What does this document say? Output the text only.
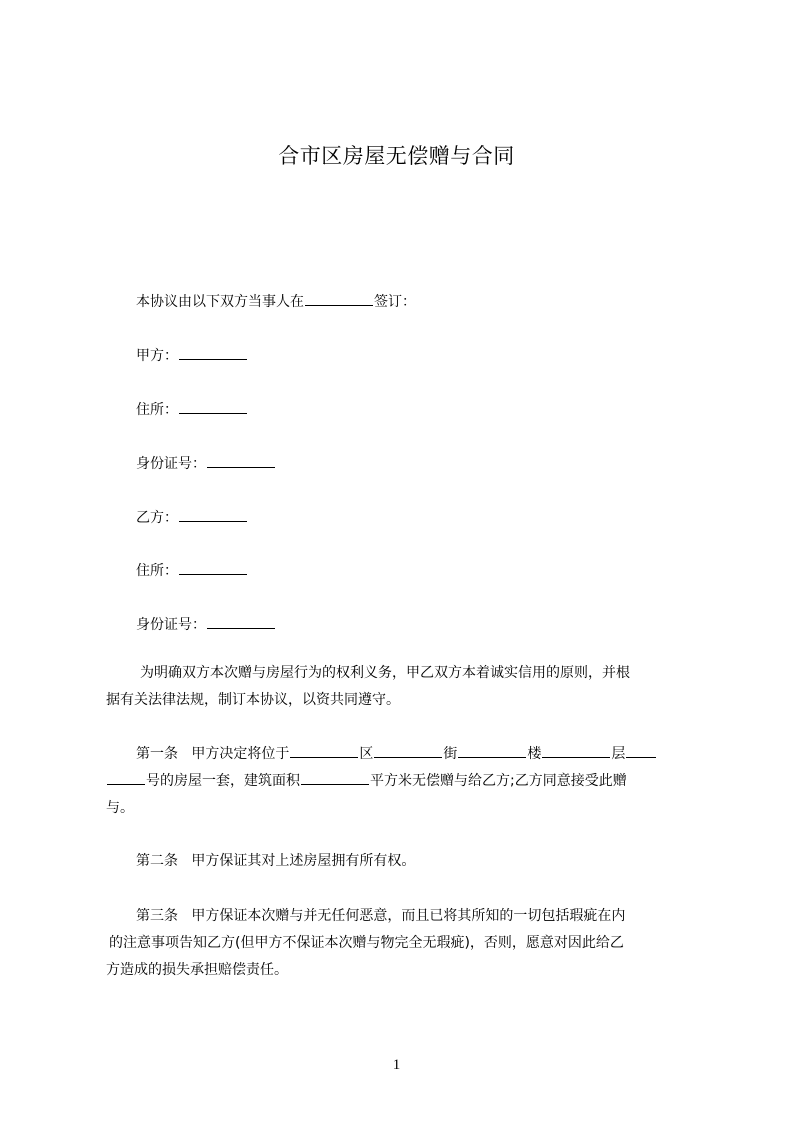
合市区房屋无偿赠与合同
本协议由以下双方当事人在	签订：
甲方：
住所：
身份证号：
乙方：
住所：
身份证号：
为明确双方本次赠与房屋行为的权利义务，甲乙双方本着诚实信用的原则，并根
据有关法律法规，制订本协议，以资共同遵守。
第一条 甲方决定将位于	区	街	楼	层
号的房屋一套，建筑面积	平方米无偿赠与给乙方;乙方同意接受此赠
与。
第二条 甲方保证其对上述房屋拥有所有权。
第三条 甲方保证本次赠与并无任何恶意，而且已将其所知的一切包括瑕疵在内
的注意事项告知乙方(但甲方不保证本次赠与物完全无瑕疵)，否则，愿意对因此给乙
方造成的损失承担赔偿责任。
1
